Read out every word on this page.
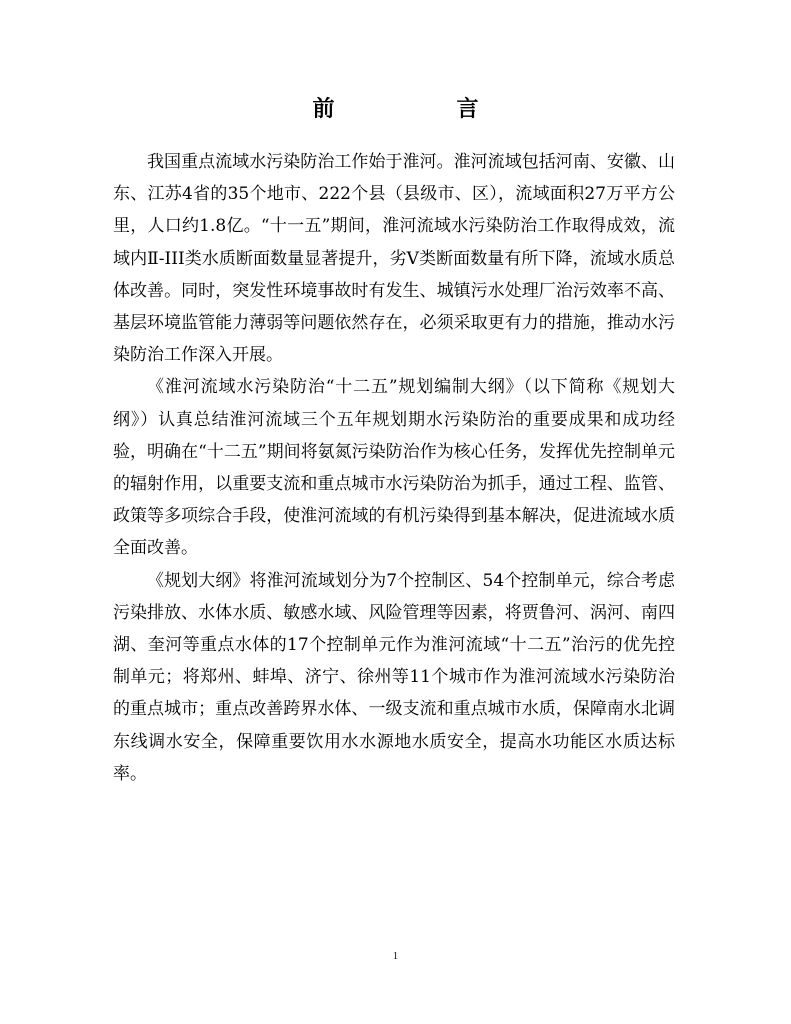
前　言

我国重点流域水污染防治工作始于淮河。淮河流域包括河南、安徽、山东、江苏4省的35个地市、222个县（县级市、区），流域面积27万平方公里，人口约1.8亿。“十一五”期间，淮河流域水污染防治工作取得成效，流域内Ⅱ-III类水质断面数量显著提升，劣Ⅴ类断面数量有所下降，流域水质总体改善。同时，突发性环境事故时有发生、城镇污水处理厂治污效率不高、基层环境监管能力薄弱等问题依然存在，必须采取更有力的措施，推动水污染防治工作深入开展。

《淮河流域水污染防治“十二五”规划编制大纲》（以下简称《规划大纲》）认真总结淮河流域三个五年规划期水污染防治的重要成果和成功经验，明确在“十二五”期间将氨氮污染防治作为核心任务，发挥优先控制单元的辐射作用，以重要支流和重点城市水污染防治为抓手，通过工程、监管、政策等多项综合手段，使淮河流域的有机污染得到基本解决，促进流域水质全面改善。

《规划大纲》将淮河流域划分为7个控制区、54个控制单元，综合考虑污染排放、水体水质、敏感水域、风险管理等因素，将贾鲁河、涡河、南四湖、奎河等重点水体的17个控制单元作为淮河流域“十二五”治污的优先控制单元；将郑州、蚌埠、济宁、徐州等11个城市作为淮河流域水污染防治的重点城市；重点改善跨界水体、一级支流和重点城市水质，保障南水北调东线调水安全，保障重要饮用水水源地水质安全，提高水功能区水质达标率。

1
